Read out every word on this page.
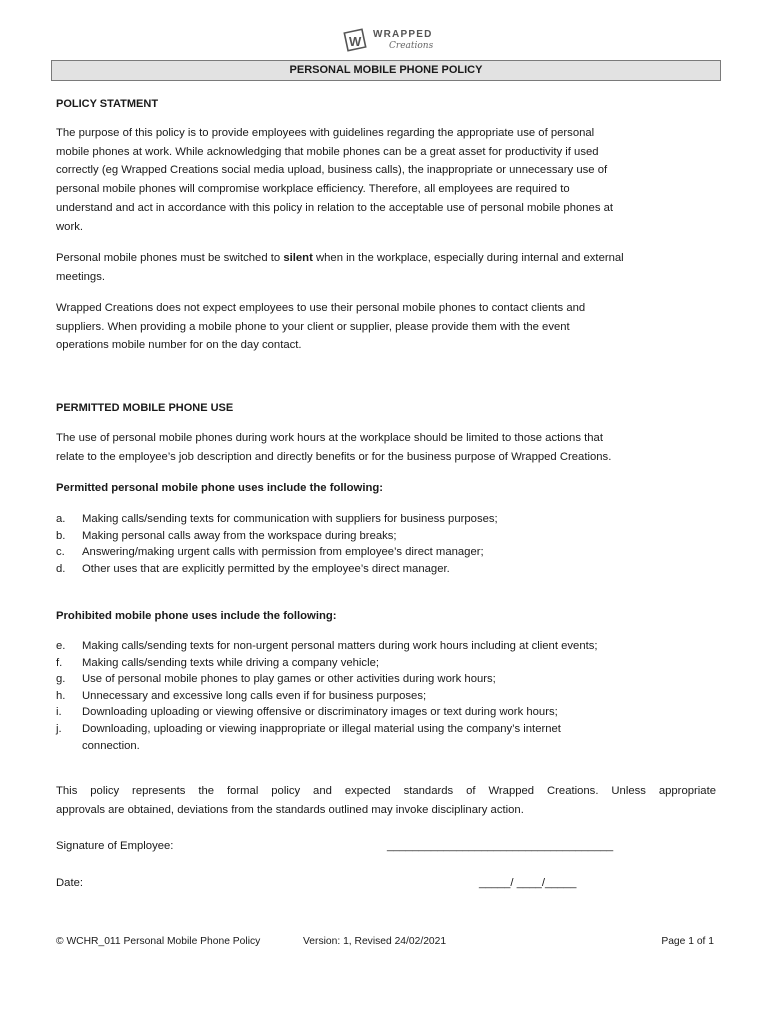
W WRAPPED
Creations
PERSONAL MOBILE PHONE POLICY
POLICY STATMENT
The purpose of this policy is to provide employees with guidelines regarding the appropriate use of personal
mobile phones at work. While acknowledging that mobile phones can be a great asset for productivity if used
correctly (eg Wrapped Creations social media upload, business calls), the inappropriate or unnecessary use of
personal mobile phones will compromise workplace efficiency. Therefore, all employees are required to
understand and act in accordance with this policy in relation to the acceptable use of personal mobile phones at
work.
Personal mobile phones must be switched to silent when in the workplace, especially during internal and external
meetings.
Wrapped Creations does not expect employees to use their personal mobile phones to contact clients and
suppliers. When providing a mobile phone to your client or supplier, please provide them with the event
operations mobile number for on the day contact.
PERMITTED MOBILE PHONE USE
The use of personal mobile phones during work hours at the workplace should be limited to those actions that
relate to the employee’s job description and directly benefits or for the business purpose of Wrapped Creations.
Permitted personal mobile phone uses include the following:
a.	Making calls/sending texts for communication with suppliers for business purposes;
b.	Making personal calls away from the workspace during breaks;
c.	Answering/making urgent calls with permission from employee’s direct manager;
d.	Other uses that are explicitly permitted by the employee’s direct manager.
Prohibited mobile phone uses include the following:
e.	Making calls/sending texts for non-urgent personal matters during work hours including at client events;
f.	Making calls/sending texts while driving a company vehicle;
g.	Use of personal mobile phones to play games or other activities during work hours;
h.	Unnecessary and excessive long calls even if for business purposes;
i.	Downloading uploading or viewing offensive or discriminatory images or text during work hours;
j.	Downloading, uploading or viewing inappropriate or illegal material using the company’s internet
connection.
This policy represents the formal policy and expected standards of Wrapped Creations. Unless appropriate
approvals are obtained, deviations from the standards outlined may invoke disciplinary action.
Signature of Employee:	____________________________________
Date:	_____/ ____/_____
© WCHR_011 Personal Mobile Phone Policy	Version: 1, Revised 24/02/2021	Page 1 of 1
